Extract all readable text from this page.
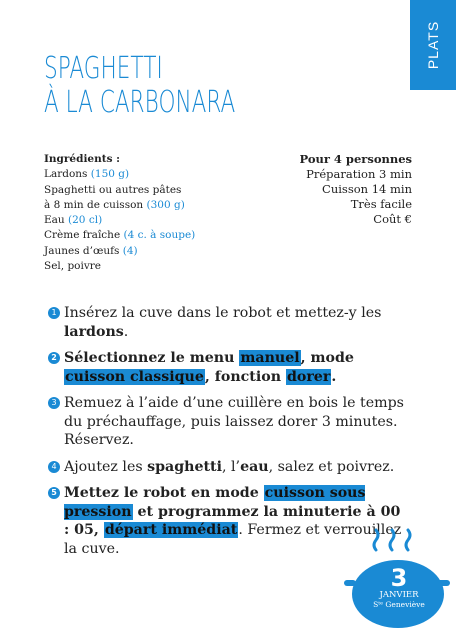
PLATS
SPAGHETTI
À LA CARBONARA
Ingrédients :
Lardons (150 g)
Spaghetti ou autres pâtes
à 8 min de cuisson (300 g)
Eau (20 cl)
Crème fraîche (4 c. à soupe)
Jaunes d’œufs (4)
Sel, poivre
Pour 4 personnes
Préparation 3 min
Cuisson 14 min
Très facile
Coût €
1 Insérez la cuve dans le robot et mettez-y les lardons.
2 Sélectionnez le menu manuel, mode cuisson classique, fonction dorer.
3 Remuez à l’aide d’une cuillère en bois le temps du préchauffage, puis laissez dorer 3 minutes. Réservez.
4 Ajoutez les spaghetti, l’eau, salez et poivrez.
5 Mettez le robot en mode cuisson sous pression et programmez la minuterie à 00 : 05, départ immédiat. Fermez et verrouillez la cuve.
3
JANVIER
Sᵗᵉ Geneviève
